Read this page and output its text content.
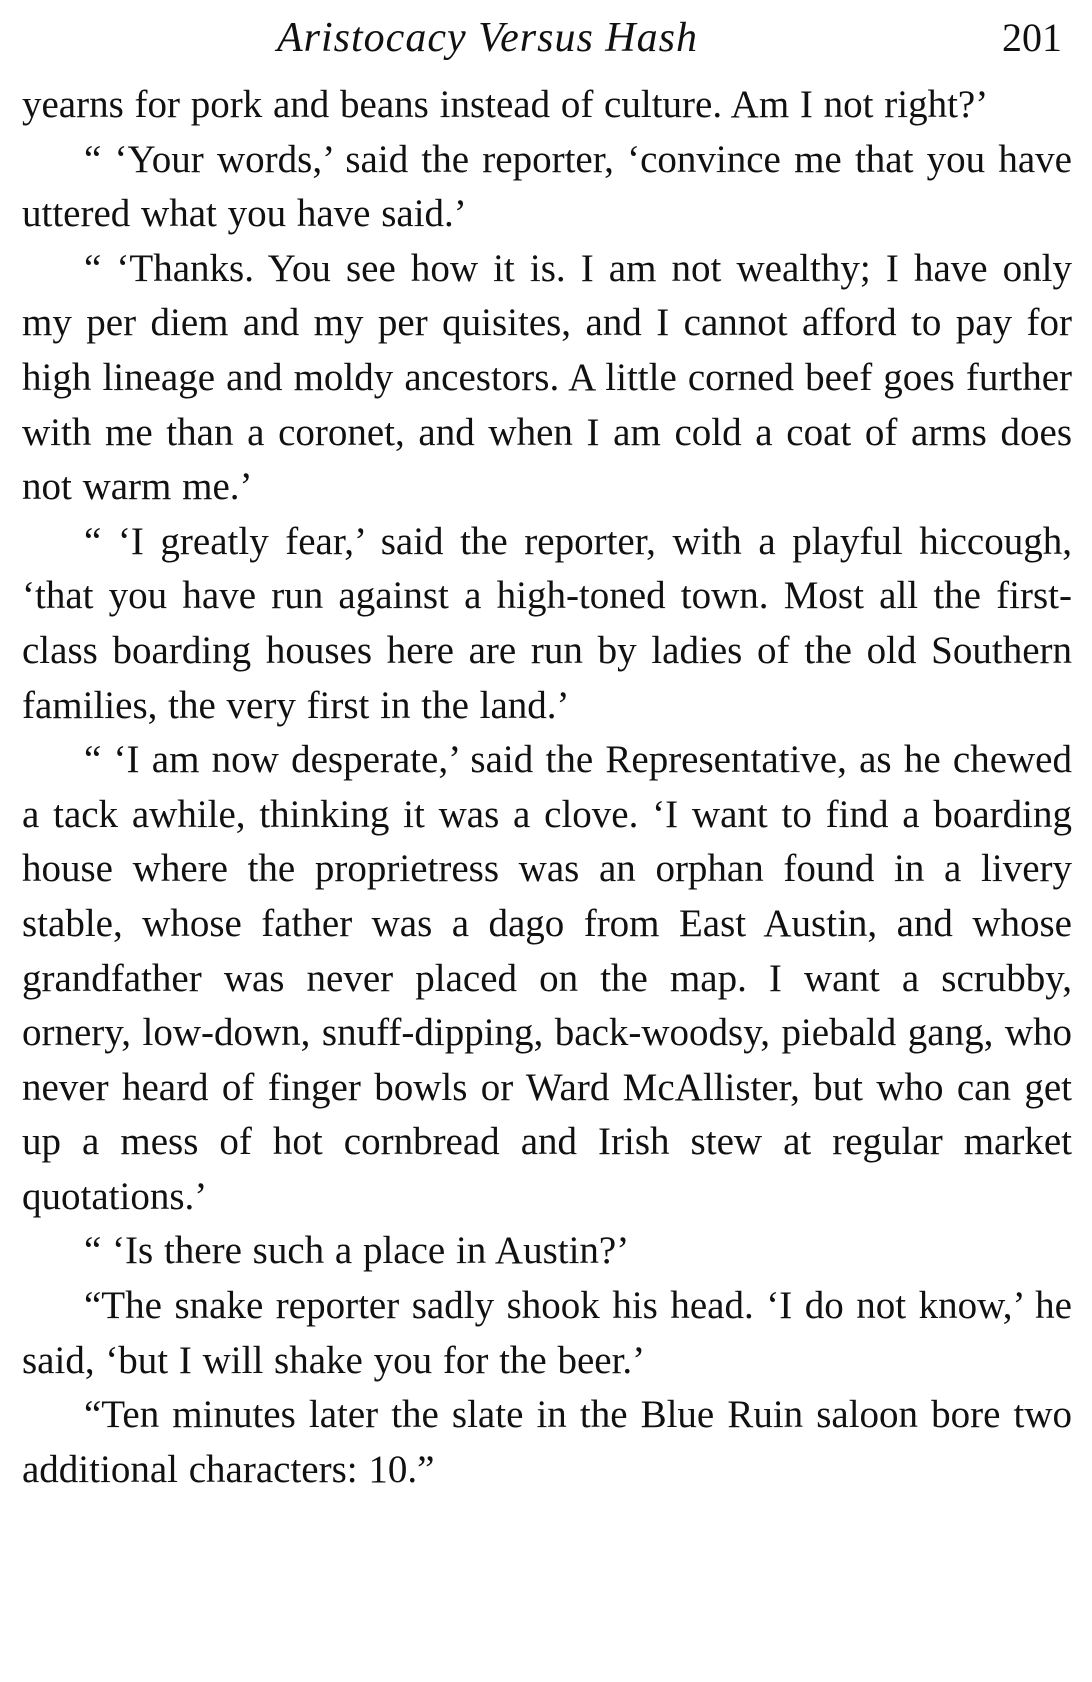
Aristocacy Versus Hash	201

yearns for pork and beans instead of culture. Am I not right?’

“ ‘Your words,’ said the reporter, ‘convince me that you have uttered what you have said.’

“ ‘Thanks. You see how it is. I am not wealthy; I have only my per diem and my per quisites, and I cannot afford to pay for high lineage and moldy ancestors. A little corned beef goes further with me than a coronet, and when I am cold a coat of arms does not warm me.’

“ ‘I greatly fear,’ said the reporter, with a playful hiccough, ‘that you have run against a high-toned town. Most all the first-class boarding houses here are run by ladies of the old Southern families, the very first in the land.’

“ ‘I am now desperate,’ said the Representative, as he chewed a tack awhile, thinking it was a clove. ‘I want to find a boarding house where the proprietress was an orphan found in a livery stable, whose father was a dago from East Austin, and whose grandfather was never placed on the map. I want a scrubby, ornery, low-down, snuff-dipping, back-woodsy, piebald gang, who never heard of finger bowls or Ward McAllister, but who can get up a mess of hot cornbread and Irish stew at regular market quotations.’

“ ‘Is there such a place in Austin?’

“The snake reporter sadly shook his head. ‘I do not know,’ he said, ‘but I will shake you for the beer.’

“Ten minutes later the slate in the Blue Ruin saloon bore two additional characters: 10.”
